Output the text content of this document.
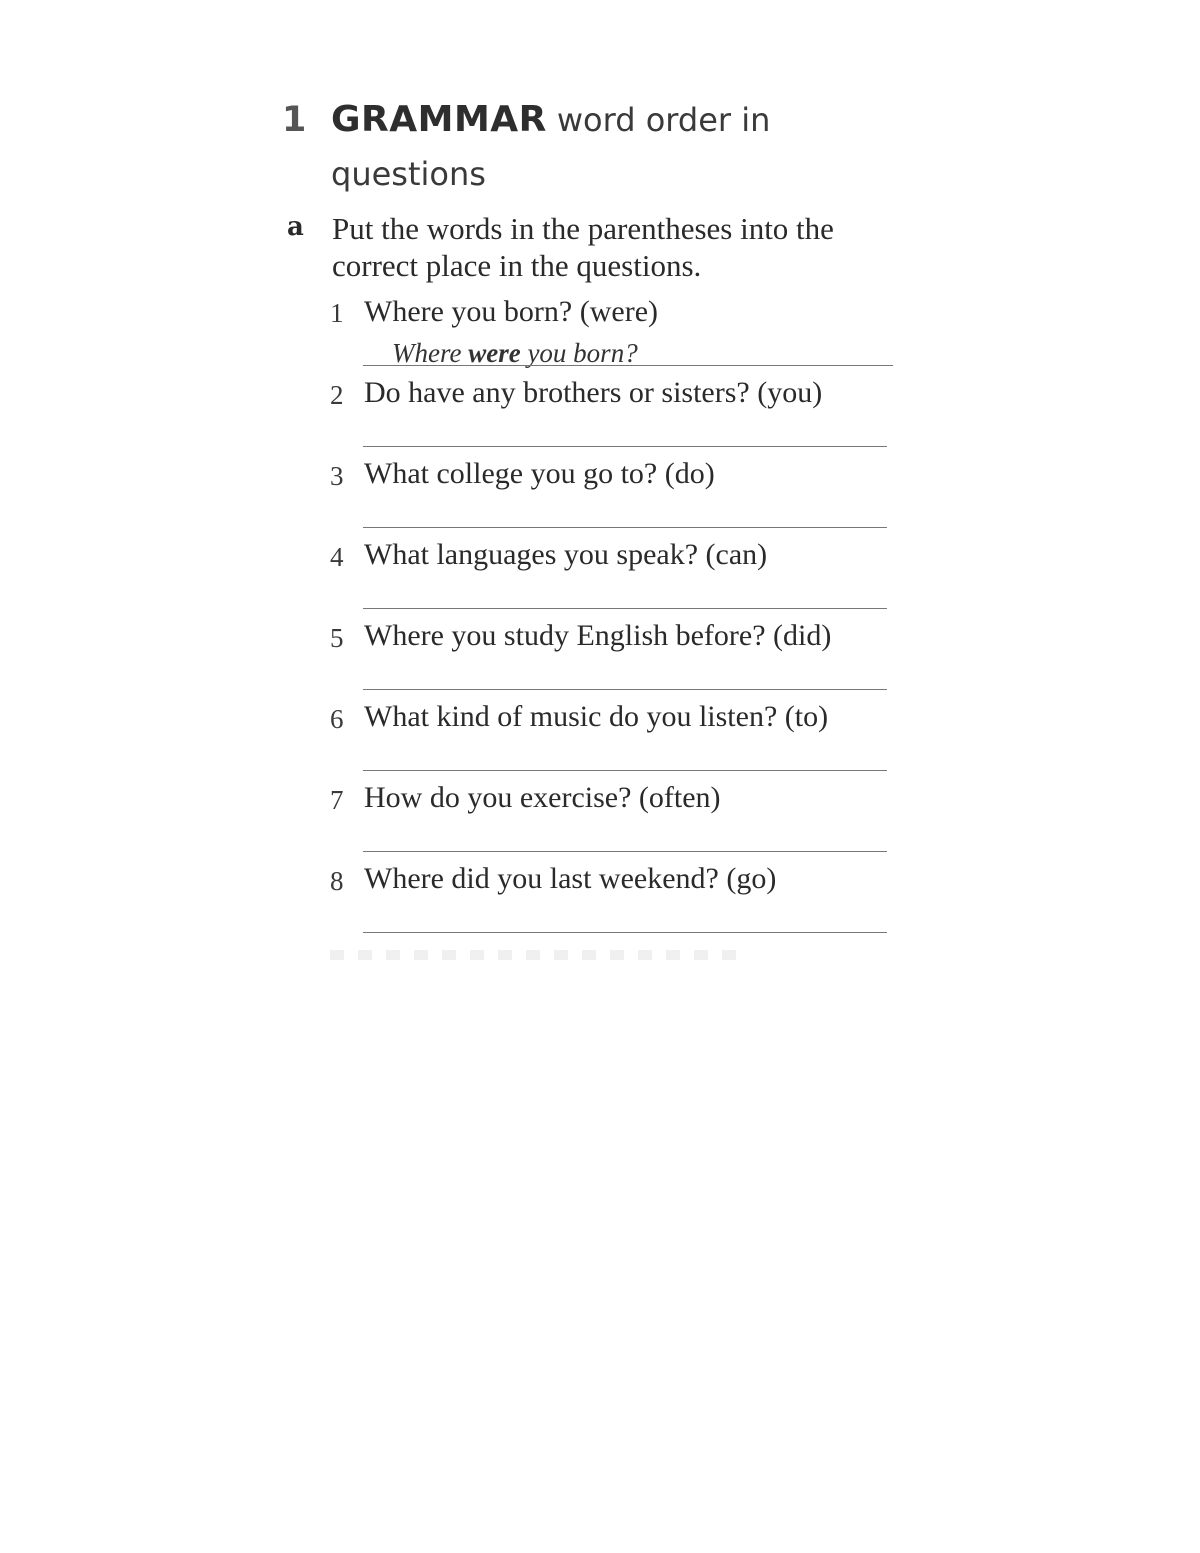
1 GRAMMAR word order in questions
a Put the words in the parentheses into the correct place in the questions.
1 Where you born? (were)
Where were you born?
2 Do have any brothers or sisters? (you)
3 What college you go to? (do)
4 What languages you speak? (can)
5 Where you study English before? (did)
6 What kind of music do you listen? (to)
7 How do you exercise? (often)
8 Where did you last weekend? (go)
